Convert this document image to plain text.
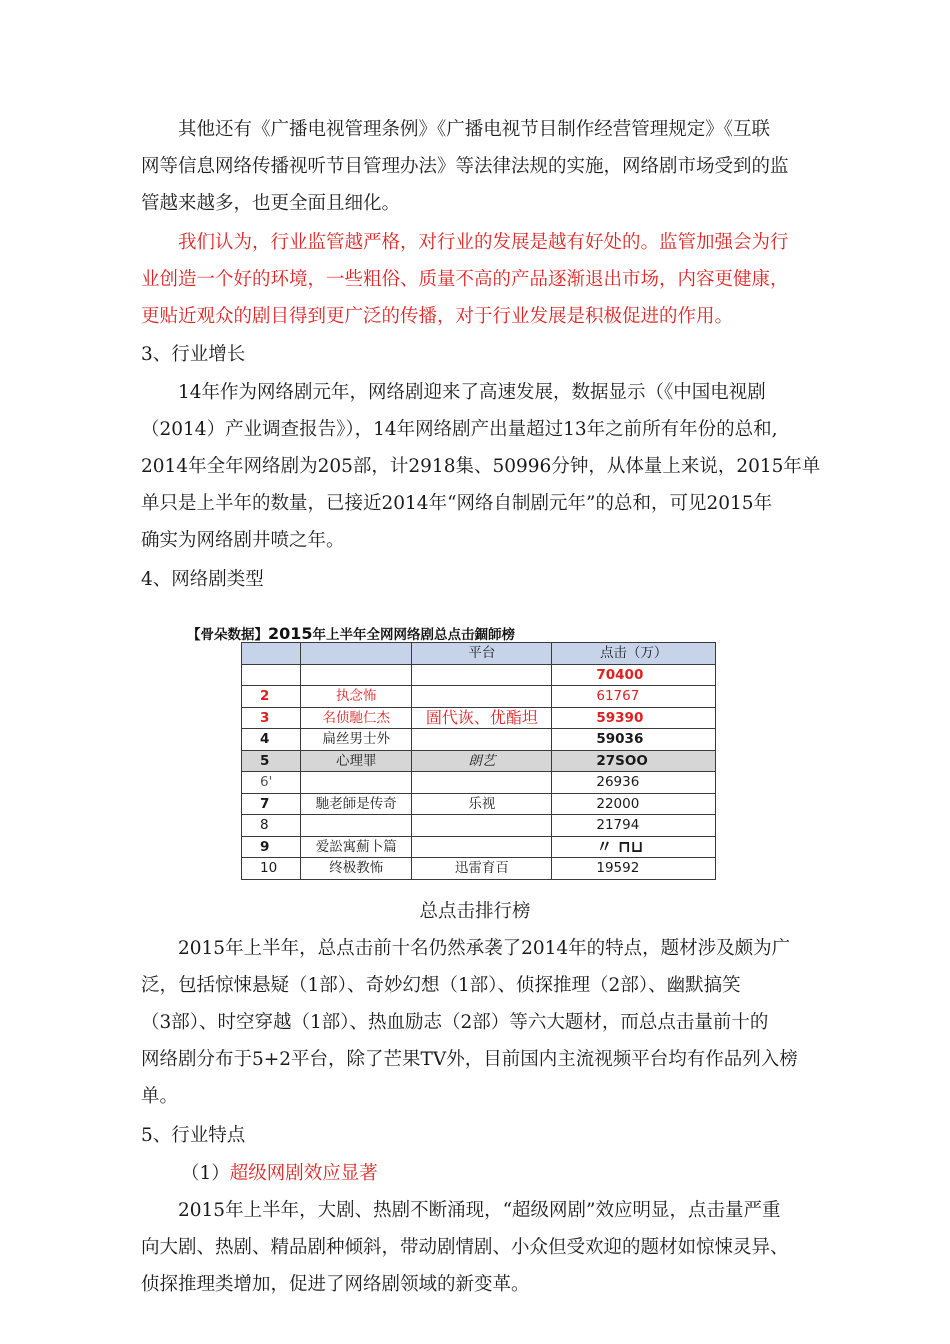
其他还有《广播电视管理条例》《广播电视节目制作经营管理规定》《互联
网等信息网络传播视听节目管理办法》等法律法规的实施，网络剧市场受到的监
管越来越多，也更全面且细化。

我们认为，行业监管越严格，对行业的发展是越有好处的。监管加强会为行
业创造一个好的环境，一些粗俗、质量不高的产品逐渐退出市场，内容更健康，
更贴近观众的剧目得到更广泛的传播，对于行业发展是积极促进的作用。

3、行业增长

14年作为网络剧元年，网络剧迎来了高速发展，数据显示（《中国电视剧
（2014）产业调查报告》），14年网络剧产出量超过13年之前所有年份的总和,
2014年全年网络剧为205部，计2918集、50996分钟，从体量上来说，2015年单
单只是上半年的数量，已接近2014年“网络自制剧元年”的总和，可见2015年
确实为网络剧井喷之年。

4、网络剧类型

【骨朵数据】2015年上半年全网网络剧总点击錮師榜
		平台	点击（万）
			70400
2	执念怖		61767
3	名侦馳仁杰	圄代诙、优酯坦	59390
4	扁丝男士外		59036
5	心理罪	朗艺	27SOO
6'			26936
7	馳老師是传奇	乐视	22000
8			21794
9	爱訟寓薊卜篇		〃 ⊓⊔
10	终极教怖	迅雷育百	19592
总点击排行榜

2015年上半年，总点击前十名仍然承袭了2014年的特点，题材涉及颇为广
泛，包括惊悚悬疑（1部）、奇妙幻想（1部）、侦探推理（2部）、幽默搞笑
（3部）、时空穿越（1部）、热血励志（2部）等六大题材，而总点击量前十的
网络剧分布于5+2平台，除了芒果TV外，目前国内主流视频平台均有作品列入榜
单。

5、行业特点

（1）超级网剧效应显著

2015年上半年，大剧、热剧不断涌现，“超级网剧”效应明显，点击量严重
向大剧、热剧、精品剧种倾斜，带动剧情剧、小众但受欢迎的题材如惊悚灵异、
侦探推理类增加，促进了网络剧领域的新变革。
